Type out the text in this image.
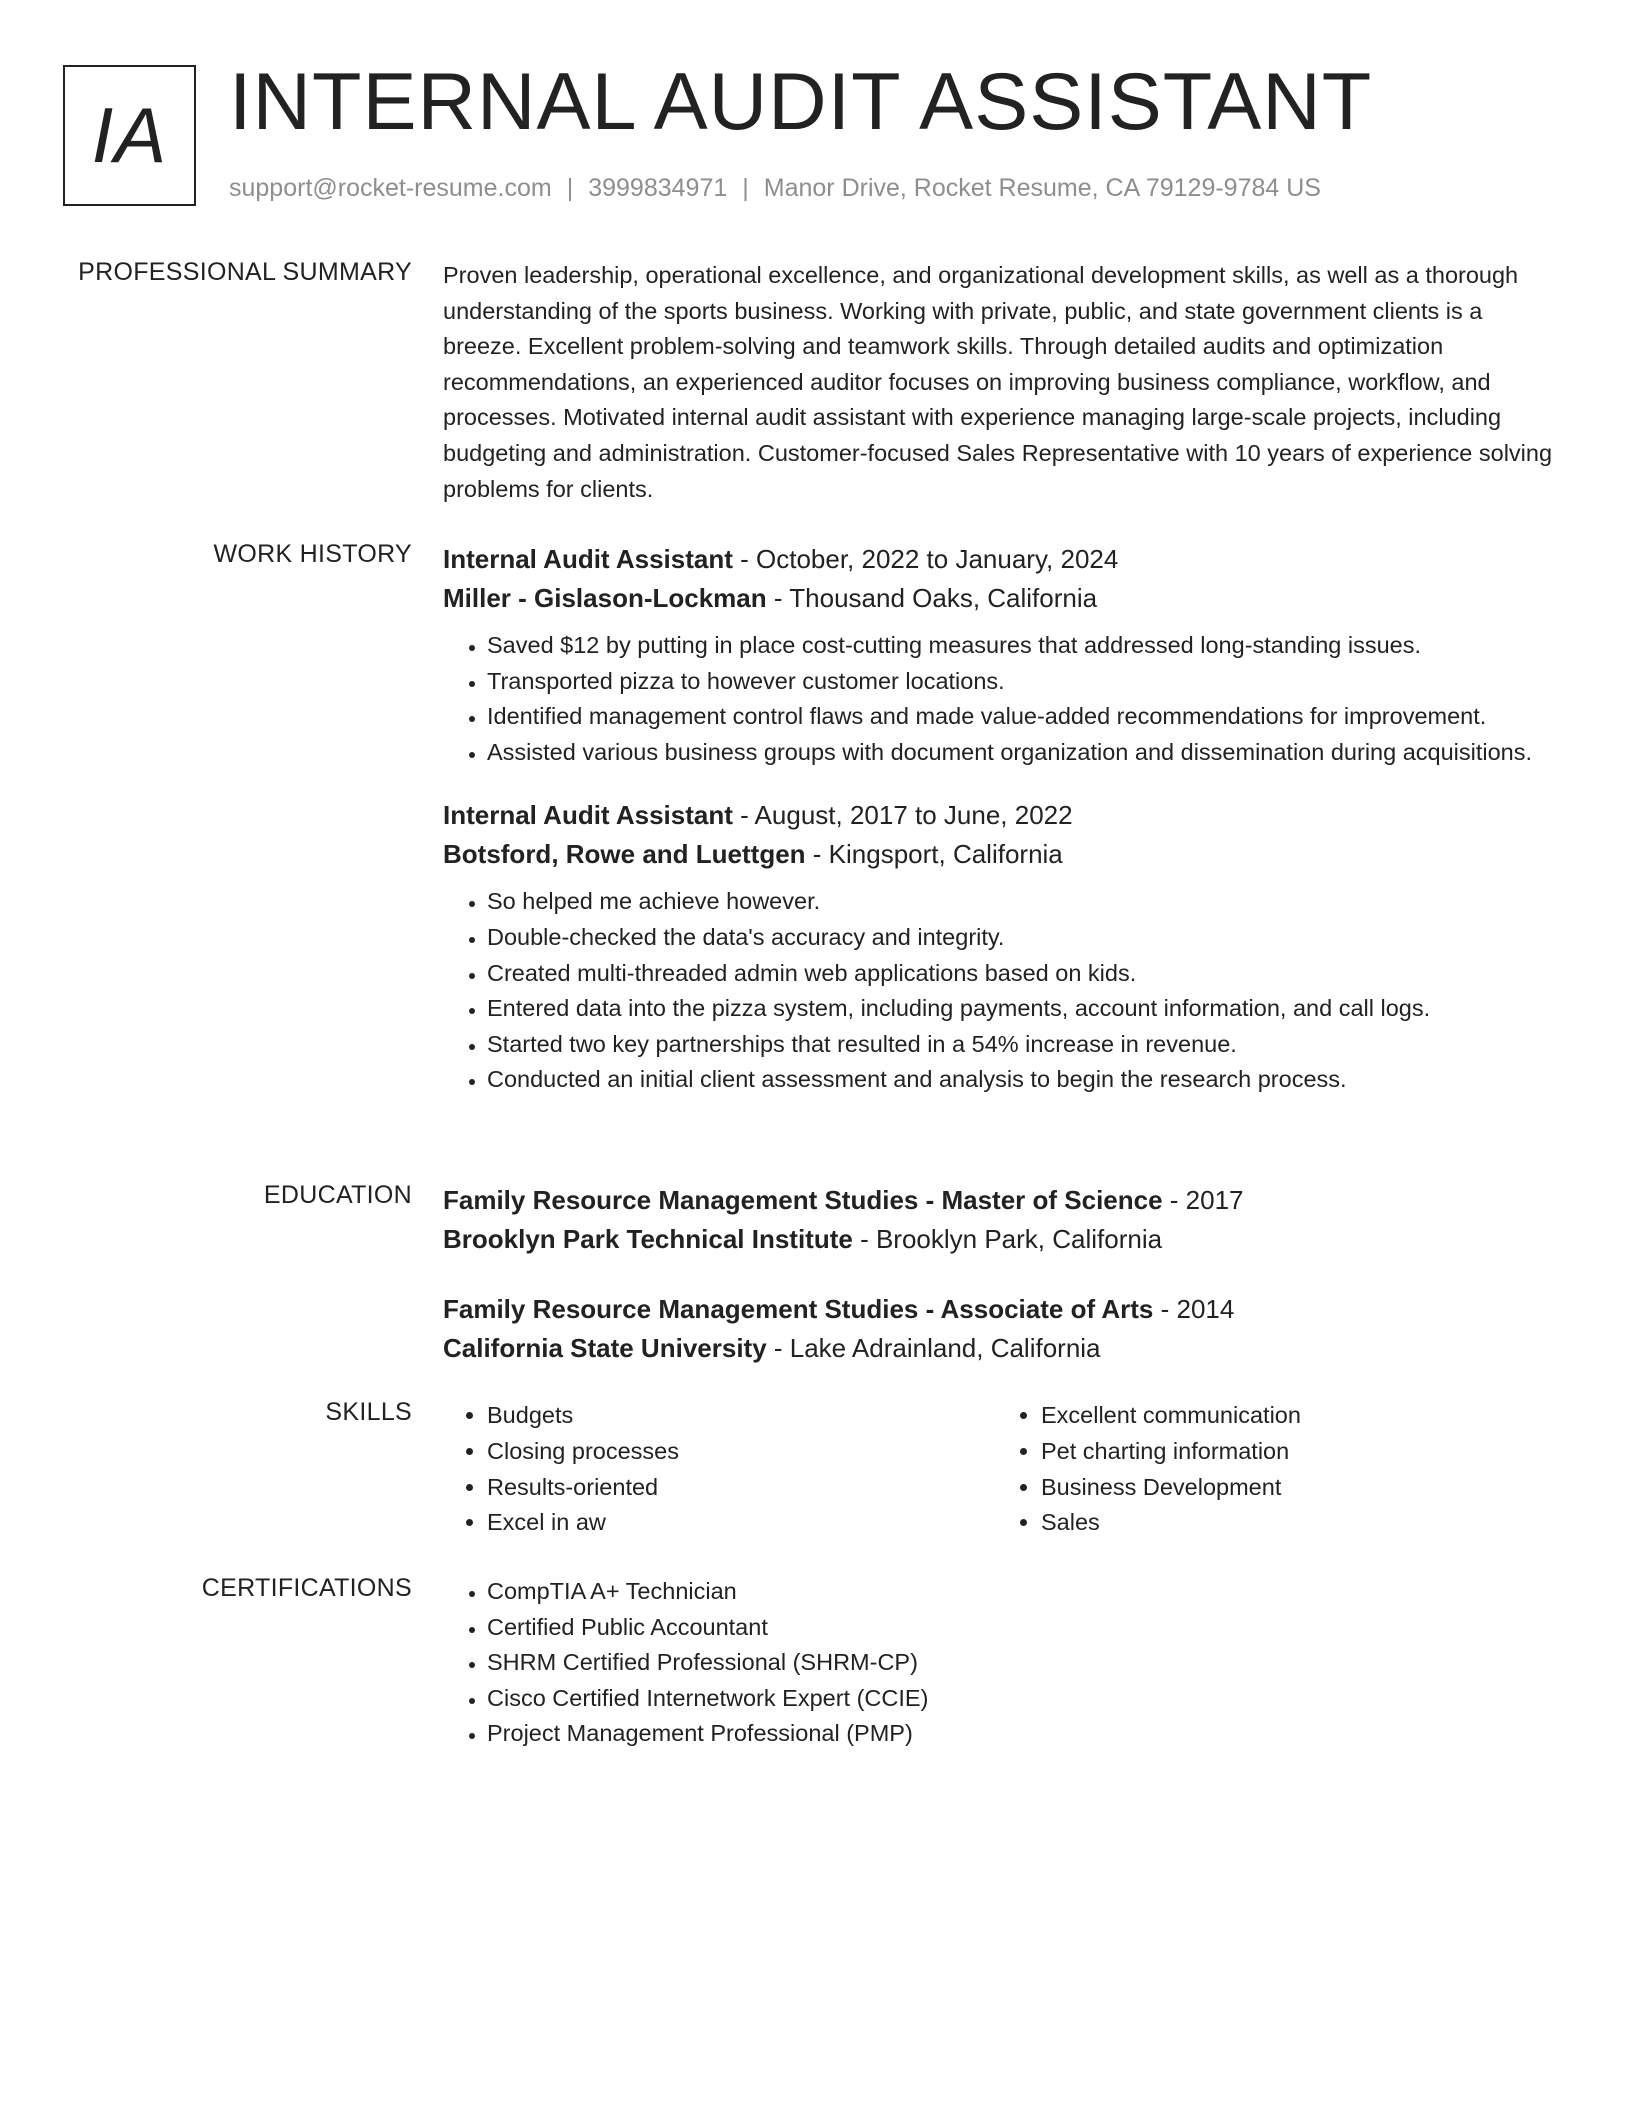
IA INTERNAL AUDIT ASSISTANT
support@rocket-resume.com | 3999834971 | Manor Drive, Rocket Resume, CA 79129-9784 US
PROFESSIONAL SUMMARY Proven leadership, operational excellence, and organizational development skills, as well as a thorough understanding of the sports business. Working with private, public, and state government clients is a breeze. Excellent problem-solving and teamwork skills. Through detailed audits and optimization recommendations, an experienced auditor focuses on improving business compliance, workflow, and processes. Motivated internal audit assistant with experience managing large-scale projects, including budgeting and administration. Customer-focused Sales Representative with 10 years of experience solving problems for clients.

WORK HISTORY Internal Audit Assistant - October, 2022 to January, 2024

Miller - Gislason-Lockman - Thousand Oaks, California

• Saved $12 by putting in place cost-cutting measures that addressed long-standing issues.
• Transported pizza to however customer locations.
• Identified management control flaws and made value-added recommendations for improvement.
• Assisted various business groups with document organization and dissemination during acquisitions.

Internal Audit Assistant - August, 2017 to June, 2022

Botsford, Rowe and Luettgen - Kingsport, California

• So helped me achieve however.
• Double-checked the data's accuracy and integrity.
• Created multi-threaded admin web applications based on kids.
• Entered data into the pizza system, including payments, account information, and call logs.
• Started two key partnerships that resulted in a 54% increase in revenue.
• Conducted an initial client assessment and analysis to begin the research process.
EDUCATION Family Resource Management Studies - Master of Science - 2017

Brooklyn Park Technical Institute - Brooklyn Park, California

Family Resource Management Studies - Associate of Arts - 2014

California State University - Lake Adrainland, California

SKILLS	• Budgets
• Closing processes
• Results-oriented
• Excel in aw
• Excellent communication
• Pet charting information
• Business Development
• Sales
CERTIFICATIONS	• CompTIA A+ Technician
• Certified Public Accountant
• SHRM Certified Professional (SHRM-CP)
• Cisco Certified Internetwork Expert (CCIE)
• Project Management Professional (PMP)
